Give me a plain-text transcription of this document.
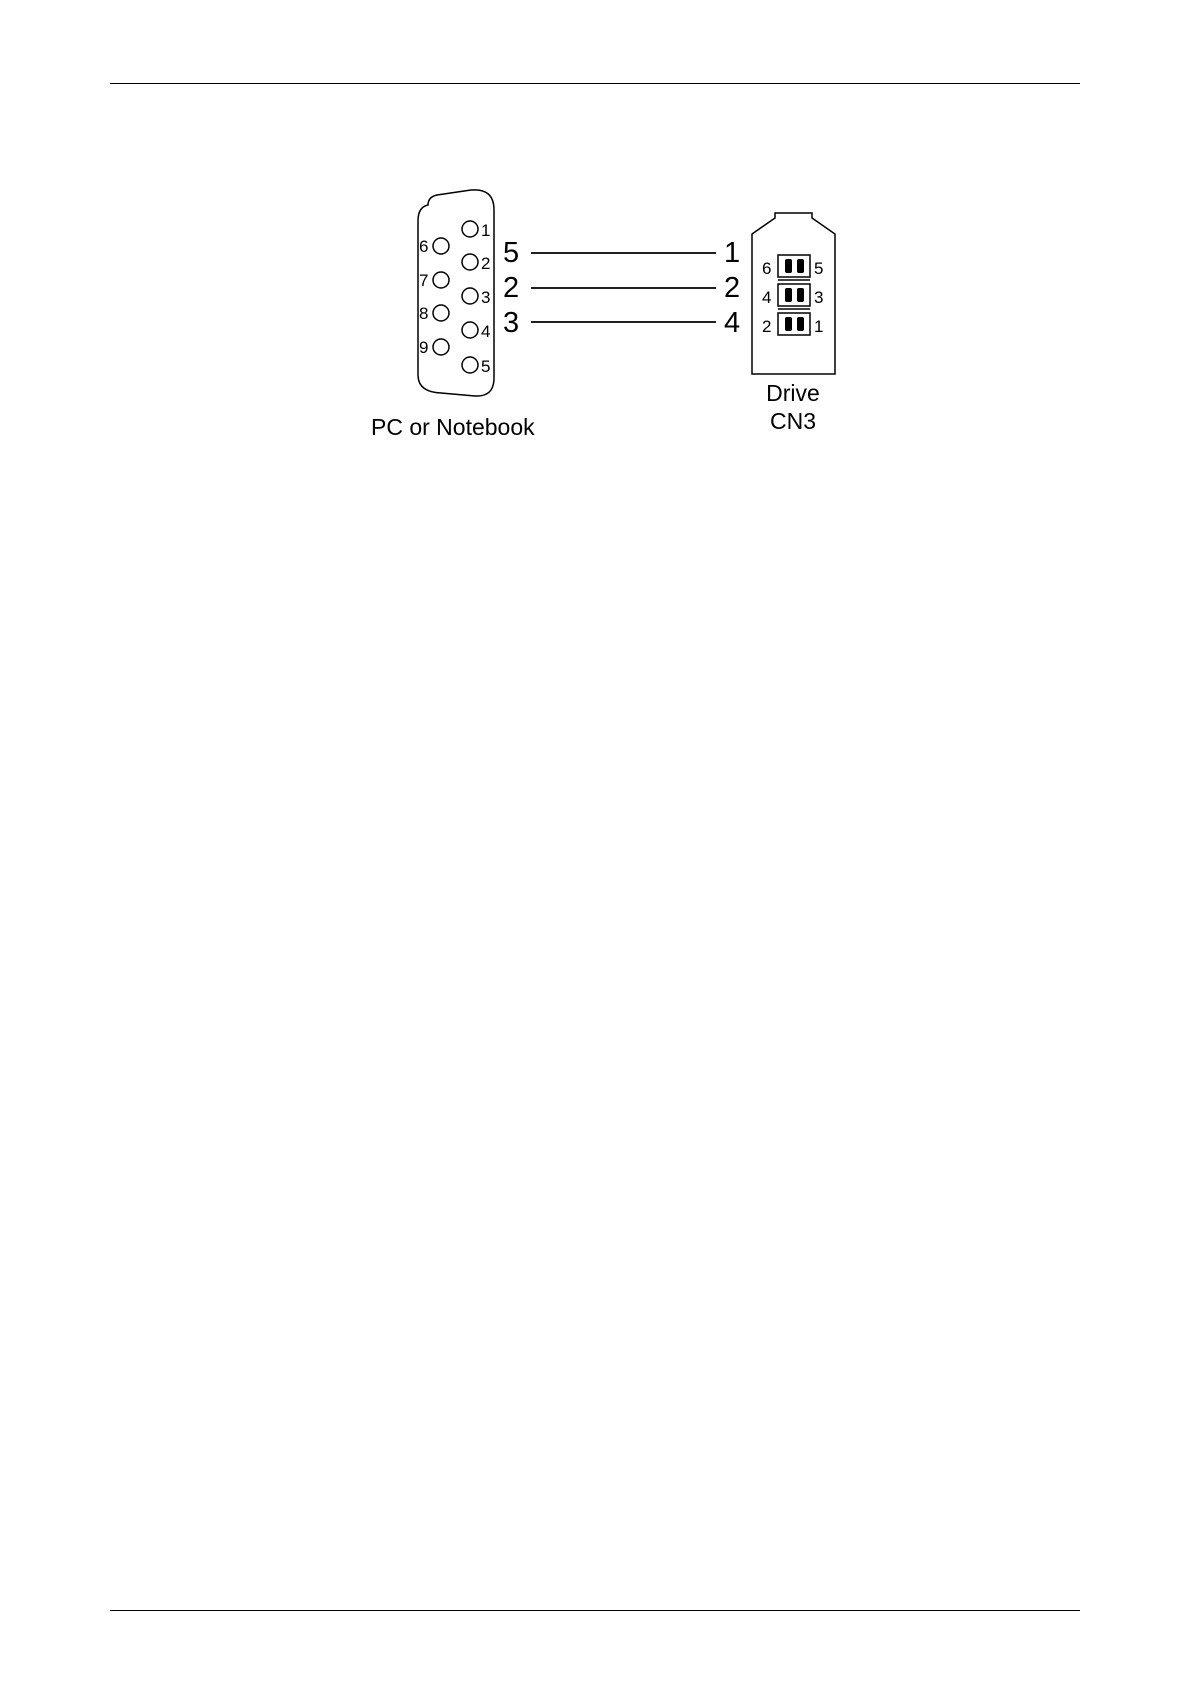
1
2
3
4
5
6
7
8
9
PC or Notebook
5	1
2	2
3	4
6
4
2
5
3
1
Drive
CN3
